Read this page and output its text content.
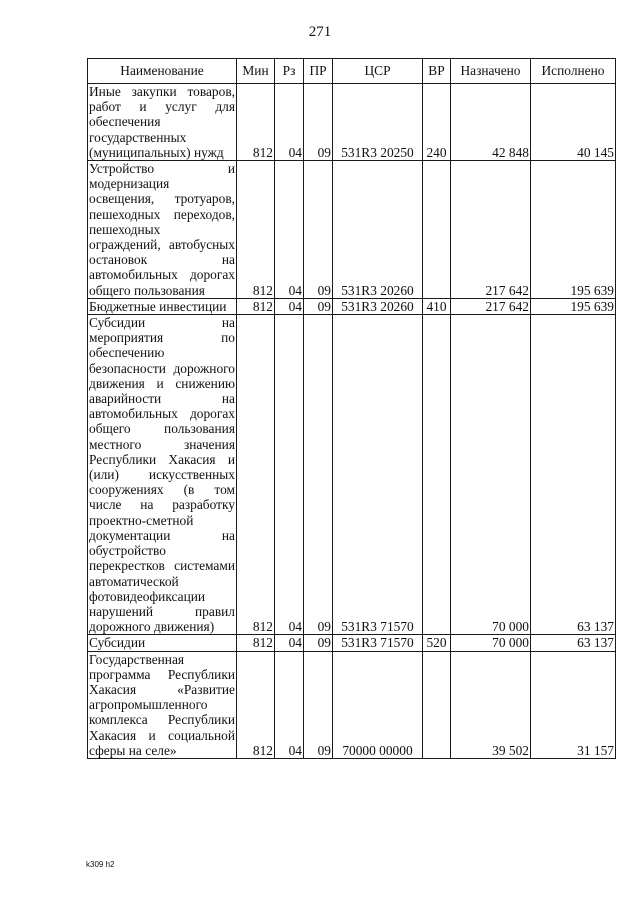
271
Наименование	Мин	Рз	ПР	ЦСР	ВР	Назначено	Исполнено
Иные закупки товаров, работ и услуг для обеспечения государственных (муниципальных) нужд	812	04	09	531R3 20250	240	42 848	40 145
Устройство и модернизация освещения, тротуаров, пешеходных переходов, пешеходных ограждений, автобусных остановок на автомобильных дорогах общего пользования	812	04	09	531R3 20260		217 642	195 639
Бюджетные инвестиции	812	04	09	531R3 20260	410	217 642	195 639
Субсидии на мероприятия по обеспечению безопасности дорожного движения и снижению аварийности на автомобильных дорогах общего пользования местного значения Республики Хакасия и (или) искусственных сооружениях (в том числе на разработку проектно-сметной документации на обустройство перекрестков системами автоматической фотовидеофиксации нарушений правил дорожного движения)	812	04	09	531R3 71570		70 000	63 137
Субсидии	812	04	09	531R3 71570	520	70 000	63 137
Государственная программа Республики Хакасия «Развитие агропромышленного комплекса Республики Хакасия и социальной сферы на селе»	812	04	09	70000 00000		39 502	31 157
k309 h2
